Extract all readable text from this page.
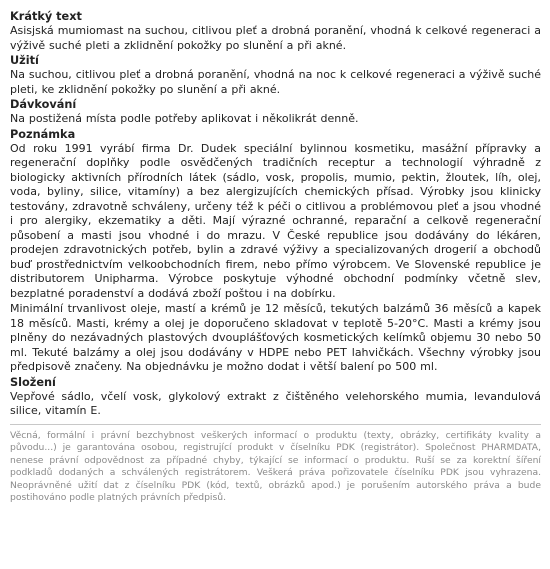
Krátký text

Asisjská mumiomast na suchou, citlivou pleť a drobná poranění, vhodná k celkové regeneraci a výživě suché pleti a zklidnění pokožky po slunění a při akné.

Užití

Na suchou, citlivou pleť a drobná poranění, vhodná na noc k celkové regeneraci a výživě suché pleti, ke zklidnění pokožky po slunění a při akné.

Dávkování

Na postižená místa podle potřeby aplikovat i několikrát denně.

Poznámka

Od roku 1991 vyrábí firma Dr. Dudek speciální bylinnou kosmetiku, masážní přípravky a regenerační doplňky podle osvědčených tradičních receptur a technologií výhradně z biologicky aktivních přírodních látek (sádlo, vosk, propolis, mumio, pektin, žloutek, líh, olej, voda, byliny, silice, vitamíny) a bez alergizujících chemických přísad. Výrobky jsou klinicky testovány, zdravotně schváleny, určeny též k péči o citlivou a problémovou pleť a jsou vhodné i pro alergiky, ekzematiky a děti. Mají výrazné ochranné, reparační a celkově regenerační působení a masti jsou vhodné i do mrazu. V České republice jsou dodávány do lékáren, prodejen zdravotnických potřeb, bylin a zdravé výživy a specializovaných drogerií a obchodů buď prostřednictvím velkoobchodních firem, nebo přímo výrobcem. Ve Slovenské republice je distributorem Unipharma. Výrobce poskytuje výhodné obchodní podmínky včetně slev, bezplatné poradenství a dodává zboží poštou i na dobírku.

Minimální trvanlivost oleje, mastí a krémů je 12 měsíců, tekutých balzámů 36 měsíců a kapek 18 měsíců. Masti, krémy a olej je doporučeno skladovat v teplotě 5-20°C. Masti a krémy jsou plněny do nezávadných plastových dvouplášťových kosmetických kelímků objemu 30 nebo 50 ml. Tekuté balzámy a olej jsou dodávány v HDPE nebo PET lahvičkách. Všechny výrobky jsou předpisově značeny. Na objednávku je možno dodat i větší balení po 500 ml.

Složení

Vepřové sádlo, včelí vosk, glykolový extrakt z čištěného velehorského mumia, levandulová silice, vitamín E.

Věcná, formální i právní bezchybnost veškerých informací o produktu (texty, obrázky, certifikáty kvality a původu...) je garantována osobou, registrující produkt v číselníku PDK (registrátor). Společnost PHARMDATA, nenese právní odpovědnost za případné chyby, týkající se informací o produktu. Ruší se za korektní šíření podkladů dodaných a schválených registrátorem. Veškerá práva pořizovatele číselníku PDK jsou vyhrazena. Neoprávněné užití dat z číselníku PDK (kód, textů, obrázků apod.) je porušením autorského práva a bude postihováno podle platných právních předpisů.
